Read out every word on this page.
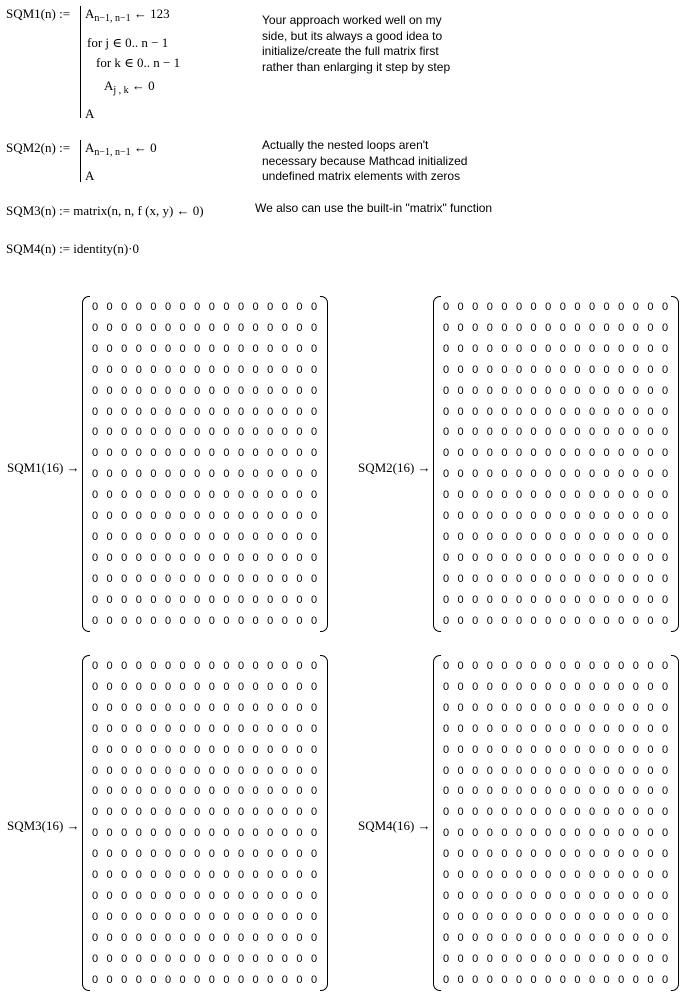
SQM1(n) := $A_{n-1, n-1}$ ← 123
for j ∈ 0.. n − 1
for k ∈ 0.. n − 1
$A_{j , k}$ ← 0
A
Your approach worked well on my
side, but its always a good idea to
initialize/create the full matrix first
rather than enlarging it step by step
SQM2(n) := $A_{n-1, n-1}$ ← 0
A
Actually the nested loops aren't
necessary because Mathcad initialized
undefined matrix elements with zeros
SQM3(n) := matrix(n, n, f (x, y) ← 0)	We also can use the built-in "matrix" function
SQM4(n) := identity(n)·0
SQM1(16) →
0 0 0 0 0 0 0 0 0 0 0 0 0 0 0 0
0 0 0 0 0 0 0 0 0 0 0 0 0 0 0 0
0 0 0 0 0 0 0 0 0 0 0 0 0 0 0 0
0 0 0 0 0 0 0 0 0 0 0 0 0 0 0 0
0 0 0 0 0 0 0 0 0 0 0 0 0 0 0 0
0 0 0 0 0 0 0 0 0 0 0 0 0 0 0 0
0 0 0 0 0 0 0 0 0 0 0 0 0 0 0 0
0 0 0 0 0 0 0 0 0 0 0 0 0 0 0 0
0 0 0 0 0 0 0 0 0 0 0 0 0 0 0 0
0 0 0 0 0 0 0 0 0 0 0 0 0 0 0 0
0 0 0 0 0 0 0 0 0 0 0 0 0 0 0 0
0 0 0 0 0 0 0 0 0 0 0 0 0 0 0 0
0 0 0 0 0 0 0 0 0 0 0 0 0 0 0 0
0 0 0 0 0 0 0 0 0 0 0 0 0 0 0 0
0 0 0 0 0 0 0 0 0 0 0 0 0 0 0 0
0 0 0 0 0 0 0 0 0 0 0 0 0 0 0 0
SQM2(16) →
0 0 0 0 0 0 0 0 0 0 0 0 0 0 0 0
0 0 0 0 0 0 0 0 0 0 0 0 0 0 0 0
0 0 0 0 0 0 0 0 0 0 0 0 0 0 0 0
0 0 0 0 0 0 0 0 0 0 0 0 0 0 0 0
0 0 0 0 0 0 0 0 0 0 0 0 0 0 0 0
0 0 0 0 0 0 0 0 0 0 0 0 0 0 0 0
0 0 0 0 0 0 0 0 0 0 0 0 0 0 0 0
0 0 0 0 0 0 0 0 0 0 0 0 0 0 0 0
0 0 0 0 0 0 0 0 0 0 0 0 0 0 0 0
0 0 0 0 0 0 0 0 0 0 0 0 0 0 0 0
0 0 0 0 0 0 0 0 0 0 0 0 0 0 0 0
0 0 0 0 0 0 0 0 0 0 0 0 0 0 0 0
0 0 0 0 0 0 0 0 0 0 0 0 0 0 0 0
0 0 0 0 0 0 0 0 0 0 0 0 0 0 0 0
0 0 0 0 0 0 0 0 0 0 0 0 0 0 0 0
0 0 0 0 0 0 0 0 0 0 0 0 0 0 0 0
SQM3(16) →
0 0 0 0 0 0 0 0 0 0 0 0 0 0 0 0
0 0 0 0 0 0 0 0 0 0 0 0 0 0 0 0
0 0 0 0 0 0 0 0 0 0 0 0 0 0 0 0
0 0 0 0 0 0 0 0 0 0 0 0 0 0 0 0
0 0 0 0 0 0 0 0 0 0 0 0 0 0 0 0
0 0 0 0 0 0 0 0 0 0 0 0 0 0 0 0
0 0 0 0 0 0 0 0 0 0 0 0 0 0 0 0
0 0 0 0 0 0 0 0 0 0 0 0 0 0 0 0
0 0 0 0 0 0 0 0 0 0 0 0 0 0 0 0
0 0 0 0 0 0 0 0 0 0 0 0 0 0 0 0
0 0 0 0 0 0 0 0 0 0 0 0 0 0 0 0
0 0 0 0 0 0 0 0 0 0 0 0 0 0 0 0
0 0 0 0 0 0 0 0 0 0 0 0 0 0 0 0
0 0 0 0 0 0 0 0 0 0 0 0 0 0 0 0
0 0 0 0 0 0 0 0 0 0 0 0 0 0 0 0
0 0 0 0 0 0 0 0 0 0 0 0 0 0 0 0
SQM4(16) →
0 0 0 0 0 0 0 0 0 0 0 0 0 0 0 0
0 0 0 0 0 0 0 0 0 0 0 0 0 0 0 0
0 0 0 0 0 0 0 0 0 0 0 0 0 0 0 0
0 0 0 0 0 0 0 0 0 0 0 0 0 0 0 0
0 0 0 0 0 0 0 0 0 0 0 0 0 0 0 0
0 0 0 0 0 0 0 0 0 0 0 0 0 0 0 0
0 0 0 0 0 0 0 0 0 0 0 0 0 0 0 0
0 0 0 0 0 0 0 0 0 0 0 0 0 0 0 0
0 0 0 0 0 0 0 0 0 0 0 0 0 0 0 0
0 0 0 0 0 0 0 0 0 0 0 0 0 0 0 0
0 0 0 0 0 0 0 0 0 0 0 0 0 0 0 0
0 0 0 0 0 0 0 0 0 0 0 0 0 0 0 0
0 0 0 0 0 0 0 0 0 0 0 0 0 0 0 0
0 0 0 0 0 0 0 0 0 0 0 0 0 0 0 0
0 0 0 0 0 0 0 0 0 0 0 0 0 0 0 0
0 0 0 0 0 0 0 0 0 0 0 0 0 0 0 0
